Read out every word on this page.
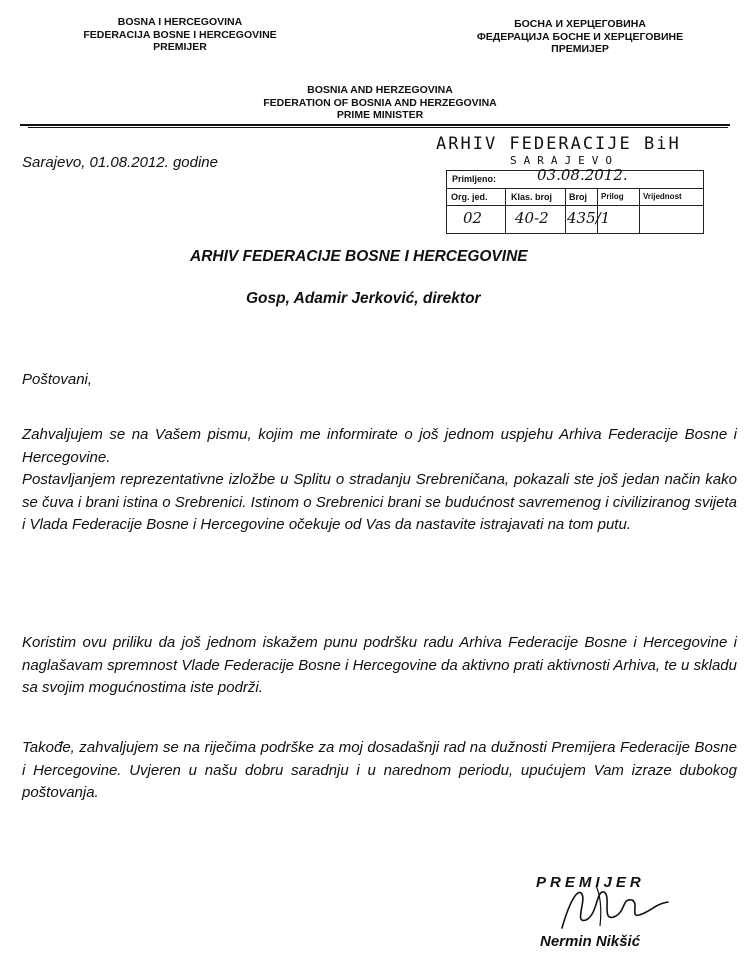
BOSNA I HERCEGOVINA
FEDERACIJA BOSNE I HERCEGOVINE
PREMIJER
БОСНА И ХЕРЦЕГОВИНА
ФЕДЕРАЦИЈА БОСНЕ И ХЕРЦЕГОВИНЕ
ПРЕМИЈЕР
BOSNIA AND HERZEGOVINA
FEDERATION OF BOSNIA AND HERZEGOVINA
PRIME MINISTER
Sarajevo, 01.08.2012. godine
ARHIV FEDERACIJE BiH
SARAJEVO
Primljeno:	03.08.2012.
Org. jed.	Klas. broj Broj Prilog Vrijednost
02 40-2 435/1
ARHIV FEDERACIJE BOSNE I HERCEGOVINE
Gosp, Adamir Jerković, direktor
Poštovani,
Zahvaljujem se na Vašem pismu, kojim me informirate o još jednom uspjehu Arhiva Federacije Bosne i Hercegovine.
Postavljanjem reprezentativne izložbe u Splitu o stradanju Srebreničana, pokazali ste još jedan način kako se čuva i brani istina o Srebrenici. Istinom o Srebrenici brani se budućnost savremenog i civiliziranog svijeta i Vlada Federacije Bosne i Hercegovine očekuje od Vas da nastavite istrajavati na tom putu.
Koristim ovu priliku da još jednom iskažem punu podršku radu Arhiva Federacije Bosne i Hercegovine i naglašavam spremnost Vlade Federacije Bosne i Hercegovine da aktivno prati aktivnosti Arhiva, te u skladu sa svojim mogućnostima iste podrži.
Takođe, zahvaljujem se na riječima podrške za moj dosadašnji rad na dužnosti Premijera Federacije Bosne i Hercegovine. Uvjeren u našu dobru saradnju i u narednom periodu, upućujem Vam izraze dubokog poštovanja.
PREMIJER
Nermin Nikšić
